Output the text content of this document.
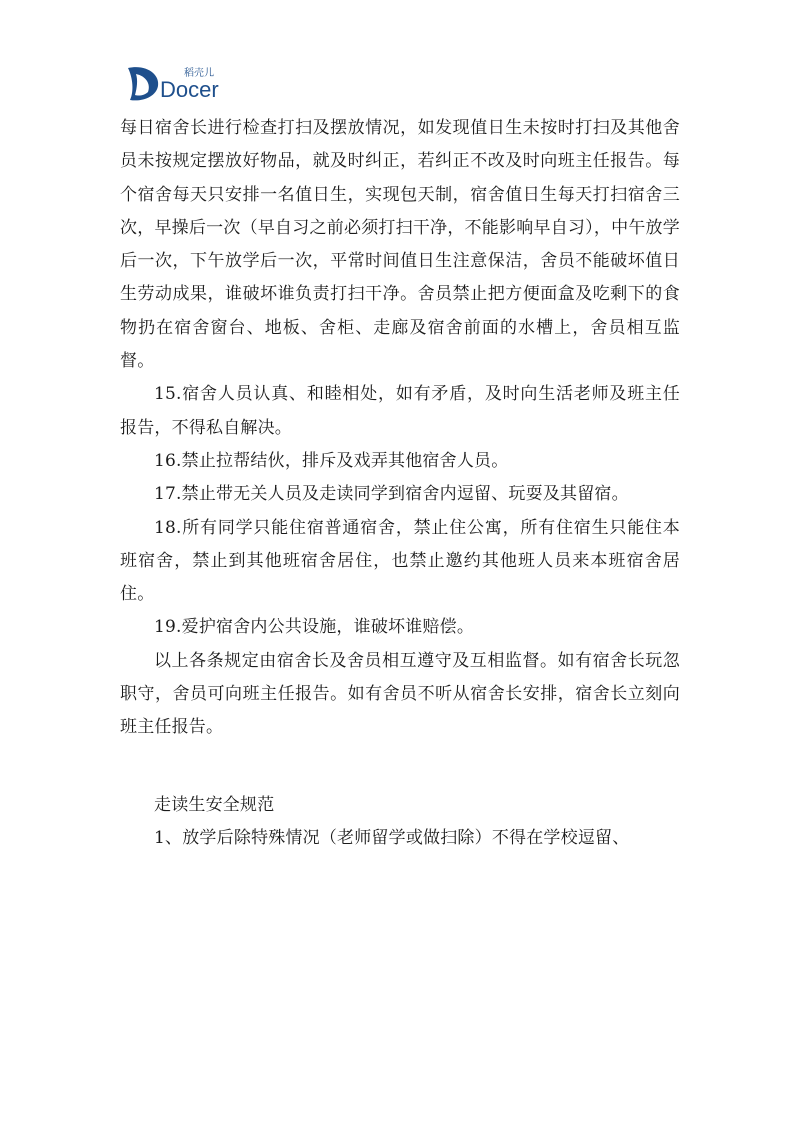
Docer
稻壳儿

每日宿舍长进行检查打扫及摆放情况，如发现值日生未按时打扫及其他舍员未按规定摆放好物品，就及时纠正，若纠正不改及时向班主任报告。每个宿舍每天只安排一名值日生，实现包天制，宿舍值日生每天打扫宿舍三次，早操后一次（早自习之前必须打扫干净，不能影响早自习），中午放学后一次，下午放学后一次，平常时间值日生注意保洁，舍员不能破坏值日生劳动成果，谁破坏谁负责打扫干净。舍员禁止把方便面盒及吃剩下的食物扔在宿舍窗台、地板、舍柜、走廊及宿舍前面的水槽上，舍员相互监督。

15.宿舍人员认真、和睦相处，如有矛盾，及时向生活老师及班主任报告，不得私自解决。

16.禁止拉帮结伙，排斥及戏弄其他宿舍人员。

17.禁止带无关人员及走读同学到宿舍内逗留、玩耍及其留宿。

18.所有同学只能住宿普通宿舍，禁止住公寓，所有住宿生只能住本班宿舍，禁止到其他班宿舍居住，也禁止邀约其他班人员来本班宿舍居住。

19.爱护宿舍内公共设施，谁破坏谁赔偿。

以上各条规定由宿舍长及舍员相互遵守及互相监督。如有宿舍长玩忽职守，舍员可向班主任报告。如有舍员不听从宿舍长安排，宿舍长立刻向班主任报告。

走读生安全规范

1、放学后除特殊情况（老师留学或做扫除）不得在学校逗留、
